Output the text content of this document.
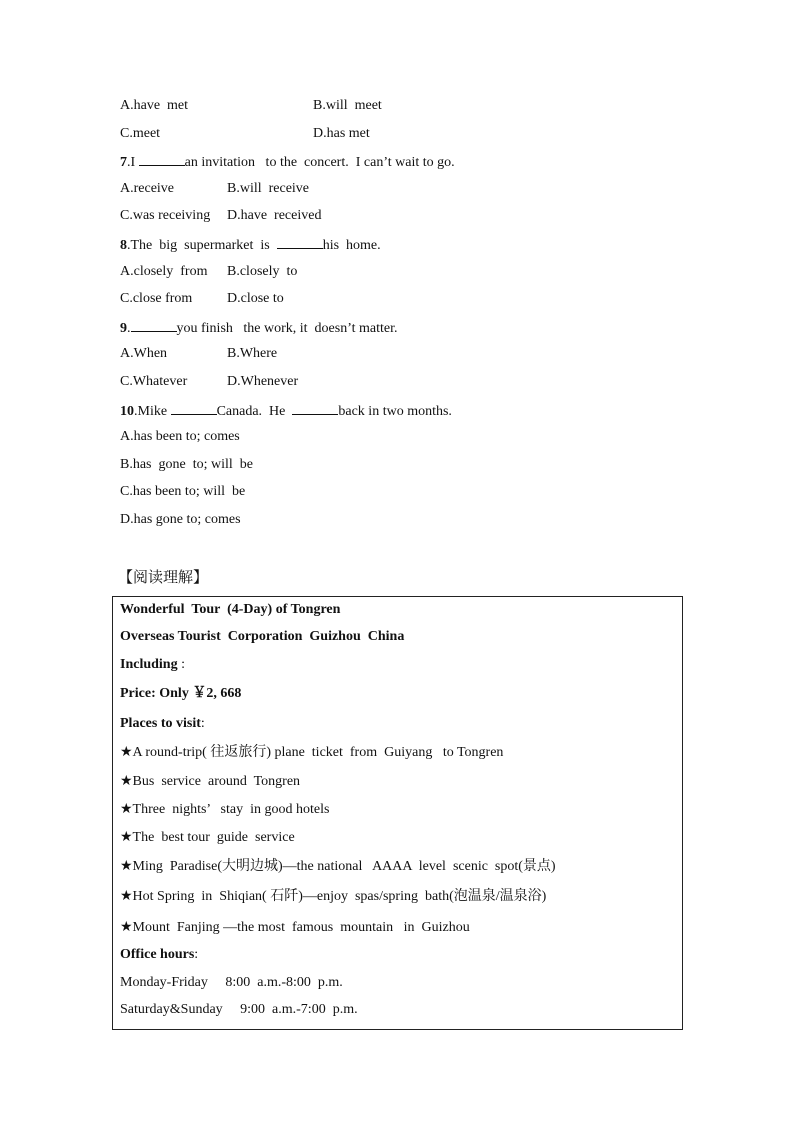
A.have  met	B.will  meet
C.meet	D.has met
7.I	an invitation   to the  concert.  I can’t wait to go.
A.receive	B.will  receive
C.was receiving D.have  received
8.The  big  supermarket  is	his  home.
A.closely  from B.closely  to
C.close from D.close to
9.	you finish   the work, it  doesn’t matter.
A.When	B.Where
C.Whatever	D.Whenever
10.Mike	Canada.  He	back in two months.
A.has been to; comes
B.has  gone  to; will  be
C.has been to; will  be
D.has gone to; comes
【阅读理解】
Wonderful  Tour  (4-Day) of Tongren
Overseas Tourist  Corporation  Guizhou  China
Including :
Price: Only ￥2, 668
Places to visit:
★A round-trip( 往返旅行) plane  ticket  from  Guiyang   to Tongren
★Bus  service  around  Tongren
★Three  nights’   stay  in good hotels
★The  best tour  guide  service
★Ming  Paradise(大明边城)—the national   AAAA  level  scenic  spot(景点)
★Hot Spring  in  Shiqian( 石阡)—enjoy  spas/spring  bath(泡温泉/温泉浴)
★Mount  Fanjing —the most  famous  mountain   in  Guizhou
Office hours:
Monday-Friday     8:00  a.m.-8:00  p.m.
Saturday&Sunday     9:00  a.m.-7:00  p.m.
